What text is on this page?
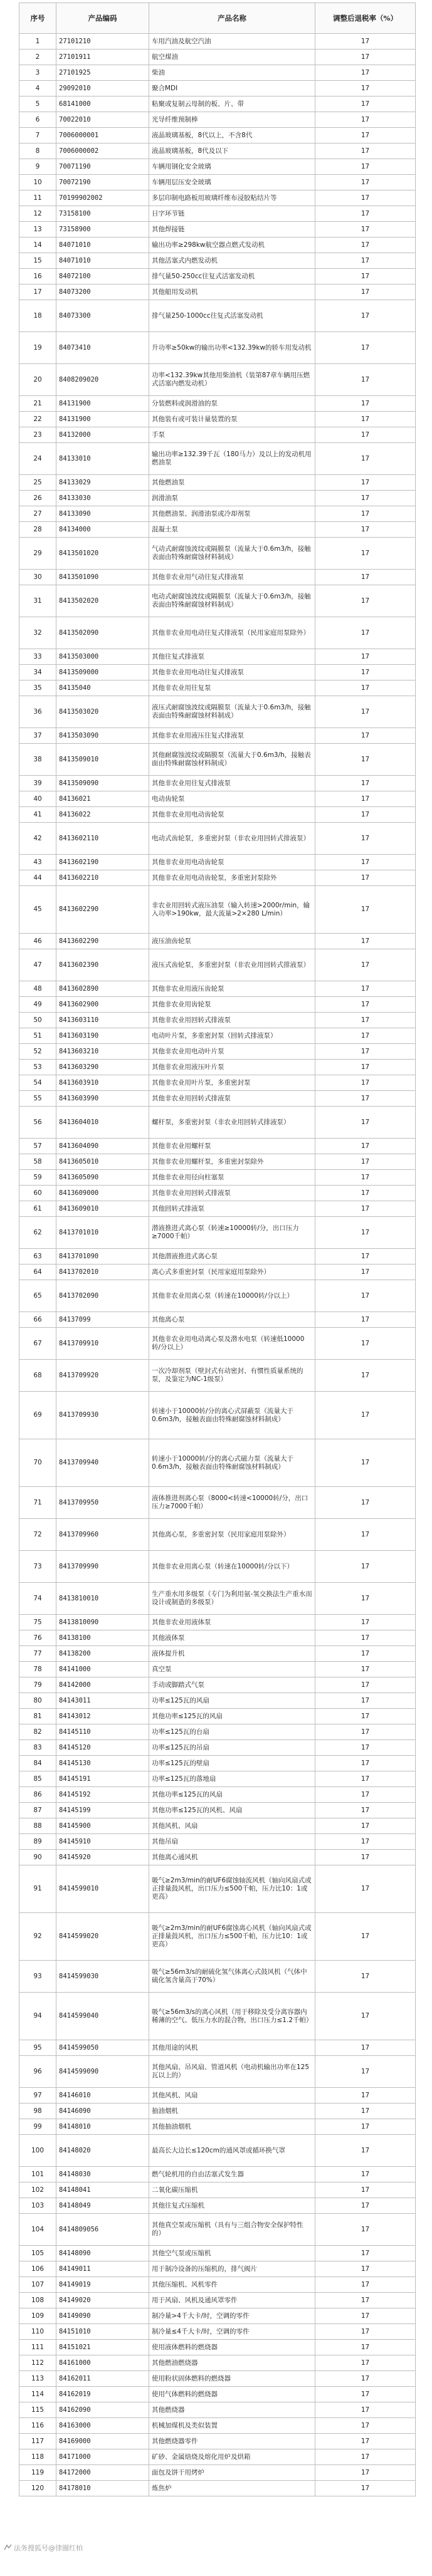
序号	产品编码	产品名称	调整后退税率（%）
1	27101210	车用汽油及航空汽油	17
2	27101911	航空煤油	17
3	27101925	柴油	17
4	29092010	聚合MDI	17
5	68141000	粘聚或复制云母制的板、片、带	17
6	70022010	光导纤维预制棒	17
7	7006000001	液晶玻璃基板，8代以上，不含8代	17
8	7006000002	液晶玻璃基板，8代及以下	17
9	70071190	车辆用钢化安全玻璃	17
10	70072190	车辆用层压安全玻璃	17
11	70199902002	多层印制电路板用玻璃纤维布浸胶粘结片等	17
12	73158100	日字环节链	17
13	73158900	其他焊接链	17
14	84071010	输出功率≥298kw航空器点燃式发动机	17
15	84071010	其他活塞式内燃发动机	17
16	84072100	排气量50-250cc往复式活塞发动机	17
17	84073200	其他船用发动机	17
18	84073300	排气量250-1000cc往复式活塞发动机	17
19	84073410	升功率≥50kw的输出功率<132.39kw的轿车用发动机	17
20	8408209020	功率<132.39kw其他用柴油机（装第87章车辆用压燃式活塞内燃发动机）	17
21	84131900	分装燃料或润滑油的泵	17
22	84131900	其他装有或可装计量装置的泵	17
23	84132000	手泵	17
24	84133010	输出功率≥132.39千瓦（180马力）及以上的发动机用燃油泵	17
25	84133029	其他燃油泵	17
26	84133030	润滑油泵	17
27	84133090	其他燃油泵、润滑油泵或冷却剂泵	17
28	84134000	混凝土泵	17
29	8413501020	气动式耐腐蚀波纹或隔膜泵（流量大于0.6m3/h，接触表面由特殊耐腐蚀材料制成）	17
30	8413501090	其他非农业用气动往复式排液泵	17
31	8413502020	电动式耐腐蚀波纹或隔膜泵（流量大于0.6m3/h，接触表面由特殊耐腐蚀材料制成）	17
32	8413502090	其他非农业用电动往复式排液泵（民用家庭用泵除外）	17
33	8413503000	其他往复式排液泵	17
34	8413509000	其他非农业用电动往复式排液泵	17
35	84135040	其他非农业用往复泵	17
36	8413503020	液压式耐腐蚀波纹或隔膜泵（流量大于0.6m3/h，接触表面由特殊耐腐蚀材料制成）	17
37	8413503090	其他非农业用液压往复式排液泵	17
38	8413509010	其他耐腐蚀波纹或隔膜泵（流量大于0.6m3/h，接触表面由特殊耐腐蚀材料制成）	17
39	8413509090	其他非农业用往复式排液泵	17
40	84136021	电动齿轮泵	17
41	84136022	其他非农业用电动齿轮泵	17
42	8413602110	电动式齿轮泵，多重密封泵（非农业用回转式排液泵）	17
43	8413602190	其他非农业用电动齿轮泵	17
44	8413602210	其他非农业用电动齿轮泵，多重密封泵除外	17
45	8413602290	非农业用回转式液压油泵（输入转速>2000r/min，输入功率>190kw，最大流量>2×280 L/min）	17
46	8413602290	液压油齿轮泵	17
47	8413602390	液压式齿轮泵，多重密封泵（非农业用回转式排液泵）	17
48	8413602890	其他非农业用液压齿轮泵	17
49	8413602900	其他非农业用齿轮泵	17
50	8413603110	其他非农业用回转式排液泵	17
51	8413603190	电动叶片泵，多重密封泵（回转式排液泵）	17
52	8413603210	其他非农业用电动叶片泵	17
53	8413603290	其他非农业用液压叶片泵	17
54	8413603910	其他非农业用叶片泵，多重密封泵	17
55	8413603990	其他非农业用回转式排液泵	17
56	8413604010	螺杆泵，多重密封泵（非农业用回转式排液泵）	17
57	8413604090	其他非农业用螺杆泵	17
58	8413605010	其他非农业用螺杆泵，多重密封泵除外	17
59	8413605090	其他非农业用径向柱塞泵	17
60	8413609000	其他非农业用回转式排液泵	17
61	8413609010	其他回转式排液泵	17
62	8413701010	潜液推进式离心泵（转速≥10000转/分，出口压力≥7000千帕）	17
63	8413701090	其他潜液推进式离心泵	17
64	8413702010	离心式多重密封泵（民用家庭用泵除外）	17
65	8413702090	其他非农业用离心泵（转速在10000转/分以上）	17
66	84137099	其他离心泵	17
67	8413709910	其他非农业用电动离心泵及潜水电泵（转速低10000转/分以上）	17
68	8413709920	一次冷却剂泵（壁封式有动密封、有惯性质量系统的泵，及鉴定为NC-1级泵）	17
69	8413709930	转速小于10000转/分的离心式屏蔽泵（流量大于0.6m3/h，接触表面由特殊耐腐蚀材料制成）	17
70	8413709940	转速小于10000转/分的离心式磁力泵（流量大于0.6m3/h，接触表面由特殊耐腐蚀材料制成）	17
71	8413709950	液体推进剂离心泵（8000<转速<10000转/分，出口压力≥7000千帕）	17
72	8413709960	其他离心泵，多重密封泵（民用家庭用泵除外）	17
73	8413709990	其他非农业用离心泵（转速在10000转/分以下）	17
74	8413810010	生产重水用多级泵（专门为利用氨-氢交换法生产重水而设计或制造的多级泵）	17
75	8413810090	其他非农业用液体泵	17
76	84138100	其他液体泵	17
77	84138200	液体提升机	17
78	84141000	真空泵	17
79	84142000	手动或脚踏式气泵	17
80	84143011	功率≤125瓦的风扇	17
81	84143012	其他功率≤125瓦的风扇	17
82	84145110	功率≤125瓦的台扇	17
83	84145120	功率≤125瓦的吊扇	17
84	84145130	功率≤125瓦的壁扇	17
85	84145191	功率≤125瓦的落地扇	17
86	84145192	其他功率≤125瓦的风扇	17
87	84145199	其他功率≤125瓦的风机、风扇	17
88	84145900	其他风机、风扇	17
89	84145910	其他吊扇	17
90	84145920	其他离心通风机	17
91	8414599010	吸气≥2m3/min的耐UF6腐蚀轴流风机（轴向风扇式或正排量鼓风机，出口压力≤500千帕，压力比10：1或更高）	17
92	8414599020	吸气≥2m3/min的耐UF6腐蚀离心风机（轴向风扇式或正排量鼓风机，出口压力≤500千帕，压力比10：1或更高）	17
93	8414599030	吸气≥56m3/s的耐硫化氢气体离心式鼓风机（气体中硫化氢含量高于70%）	17
94	8414599040	吸气≥56m3/s的离心风机（用于移除及受分离容器内稀薄的空气、低压力水的混合物，出口压力≤1.2千帕）	17
95	8414599050	其他用途的风机	17
96	8414599090	其他风扇、吊风扇、管道风机（电动机输出功率在125瓦以上的）	17
97	84146010	其他风机、风扇	17
98	84146090	抽油烟机	17
99	84148010	其他抽油烟机	17
100	84148020	最高长大边长≤120cm的通风罩或循环换气罩	17
101	84148030	燃气轮机用的自由活塞式发生器	17
102	84148041	二氧化碳压缩机	17
103	84148049	其他往复式压缩机	17
104	8414809056	其他真空泵或压缩机（具有与三组合物安全保护特性的）	17
105	84148090	其他空气泵或压缩机	17
106	84149011	用于制冷设备的压缩机的，排气阀片	17
107	84149019	其他压缩机、风机零件	17
108	84149020	用于风扇、风机及通风罩零件	17
109	84149090	制冷量>4千大卡/时，空调的零件	17
110	84151010	制冷量≤4千大卡/时，空调的零件	17
111	84151021	使用液体燃料的燃烧器	17
112	84161000	其他燃油燃烧器	17
113	84162011	使用粉状固体燃料的燃烧器	17
114	84162019	使用气体燃料的燃烧器	17
115	84162090	其他燃烧器	17
116	84163000	机械加煤机及类似装置	17
117	84169000	其他燃烧器零件	17
118	84171000	矿砂、金属焙烧及熔化用炉及烘箱	17
119	84172000	面包及饼干用烤炉	17
120	84178010	炼焦炉	17
法务搜狐号@律圈红柏
